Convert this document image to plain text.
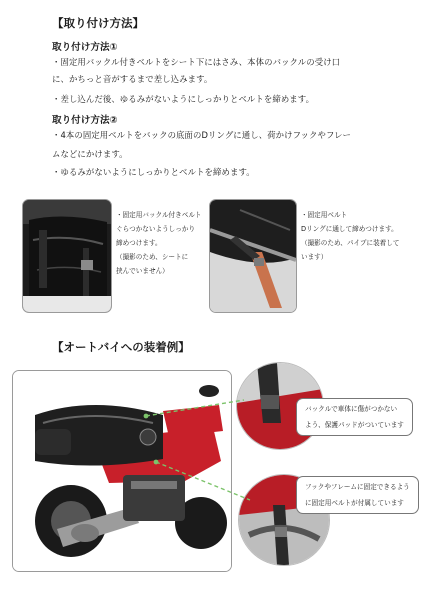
【取り付け方法】
取り付け方法①
・固定用バックル付きベルトをシート下にはさみ、本体のバックルの受け口
に、かちっと音がするまで差し込みます。
・差し込んだ後、ゆるみがないようにしっかりとベルトを締めます。
取り付け方法②
・4本の固定用ベルトをバックの底面のDリングに通し、荷かけフックやフレー
ムなどにかけます。
・ゆるみがないようにしっかりとベルトを締めます。
・固定用バックル付きベルト
ぐらつかないようしっかり
締めつけます。
（撮影のため、シートに
挟んでいません）
・固定用ベルト
Dリングに通して締めつけます。
（撮影のため、パイプに装着して
います）
【オートバイへの装着例】
バックルで車体に傷がつかない
よう、保護パッドがついています
フックやフレームに固定できるよう
に固定用ベルトが付属しています
